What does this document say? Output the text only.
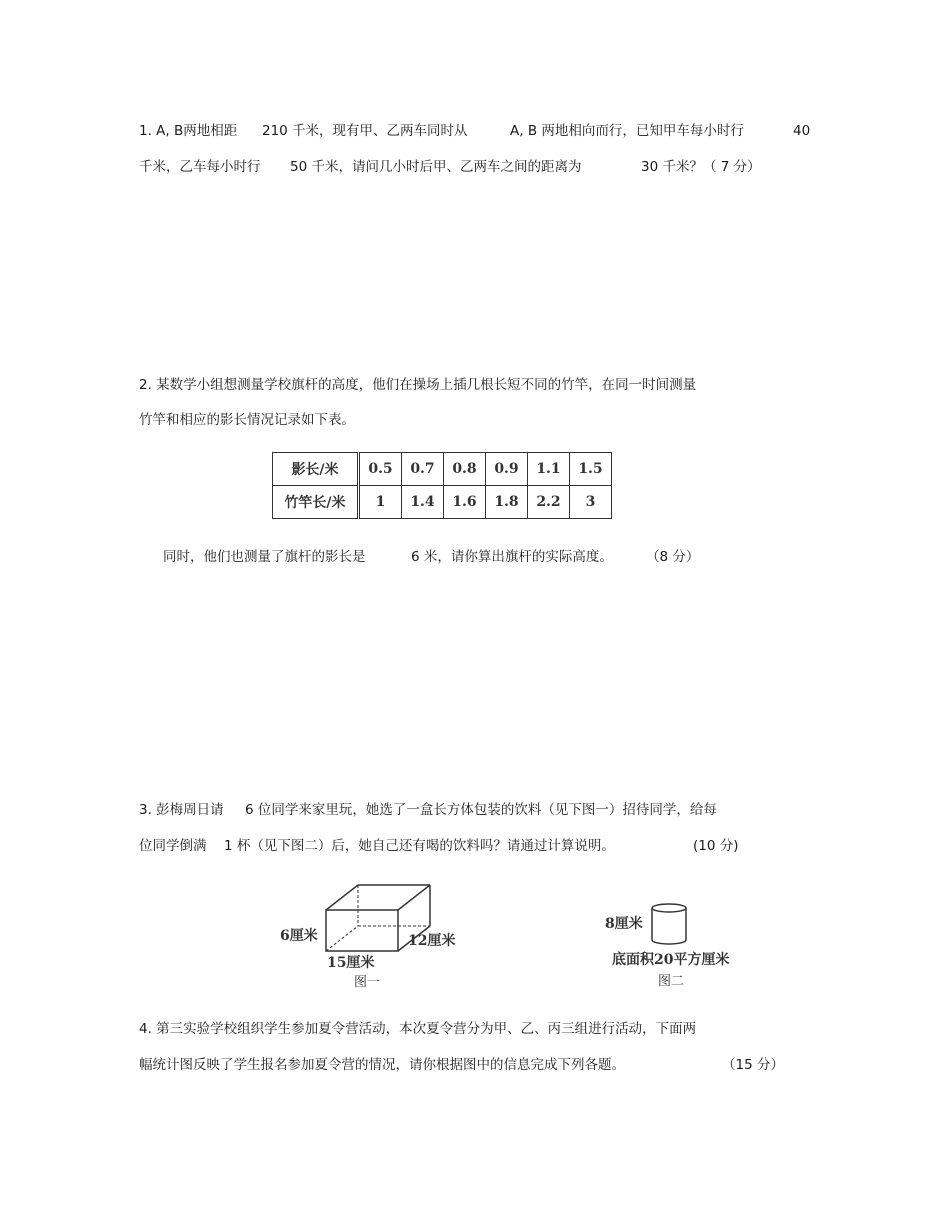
1. A, B两地相距 210 千米，现有甲、乙两车同时从	A, B 两地相向而行，已知甲车每小时行	40
千米，乙车每小时行 50 千米，请问几小时后甲、乙两车之间的距离为	30 千米？（ 7 分）
2. 某数学小组想测量学校旗杆的高度，他们在操场上插几根长短不同的竹竿，在同一时间测量
竹竿和相应的影长情况记录如下表。
影长/米	0.5	0.7	0.8	0.9	1.1	1.5
竹竿长/米	1	1.4	1.6	1.8	2.2	3
同时，他们也测量了旗杆的影长是	6 米，请你算出旗杆的实际高度。 （8 分）
3. 彭梅周日请 6 位同学来家里玩，她选了一盒长方体包装的饮料（见下图一）招待同学，给每
位同学倒满 1 杯（见下图二）后，她自己还有喝的饮料吗？请通过计算说明。	(10 分)
6厘米	12厘米
15厘米
图一
8厘米
底面积20平方厘米
图二
4. 第三实验学校组织学生参加夏令营活动，本次夏令营分为甲、乙、丙三组进行活动，下面两
幅统计图反映了学生报名参加夏令营的情况，请你根据图中的信息完成下列各题。	（15 分）
